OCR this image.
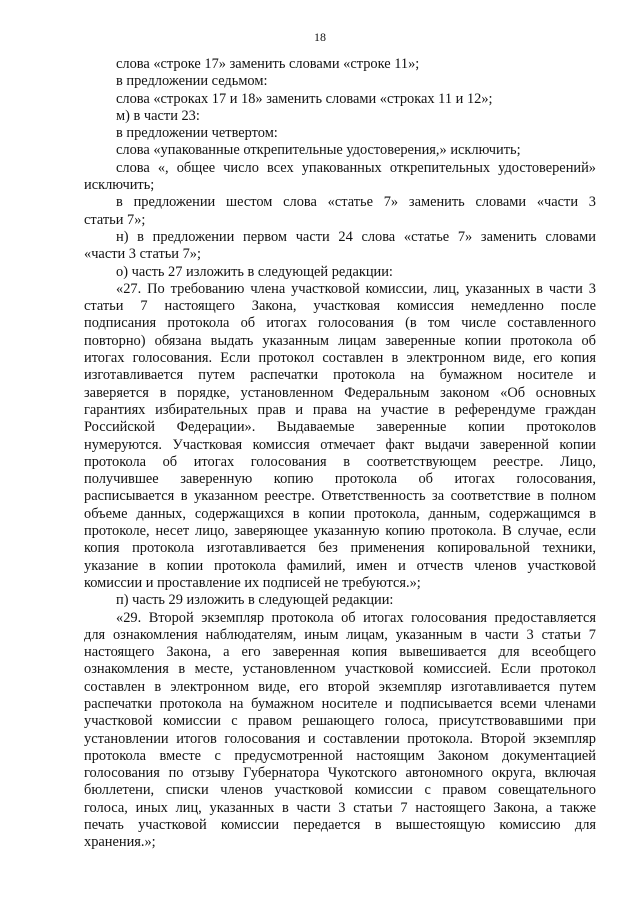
18
слова «строке 17» заменить словами «строке 11»;
в предложении седьмом:
слова «строках 17 и 18» заменить словами «строках 11 и 12»;
м) в части 23:
в предложении четвертом:
слова «упакованные открепительные удостоверения,» исключить;
слова «, общее число всех упакованных открепительных удостоверений»
исключить;
в предложении шестом слова «статье 7» заменить словами «части 3
статьи 7»;
н) в предложении первом части 24 слова «статье 7» заменить словами
«части 3 статьи 7»;
о) часть 27 изложить в следующей редакции:
«27. По требованию члена участковой комиссии, лиц, указанных в части 3
статьи 7 настоящего Закона, участковая комиссия немедленно после
подписания протокола об итогах голосования (в том числе составленного
повторно) обязана выдать указанным лицам заверенные копии протокола об
итогах голосования. Если протокол составлен в электронном виде, его копия
изготавливается путем распечатки протокола на бумажном носителе и
заверяется в порядке, установленном Федеральным законом «Об основных
гарантиях избирательных прав и права на участие в референдуме граждан
Российской Федерации». Выдаваемые заверенные копии протоколов
нумеруются. Участковая комиссия отмечает факт выдачи заверенной копии
протокола об итогах голосования в соответствующем реестре. Лицо,
получившее заверенную копию протокола об итогах голосования,
расписывается в указанном реестре. Ответственность за соответствие в полном
объеме данных, содержащихся в копии протокола, данным, содержащимся в
протоколе, несет лицо, заверяющее указанную копию протокола. В случае, если
копия протокола изготавливается без применения копировальной техники,
указание в копии протокола фамилий, имен и отчеств членов участковой
комиссии и проставление их подписей не требуются.»;
п) часть 29 изложить в следующей редакции:
«29. Второй экземпляр протокола об итогах голосования предоставляется
для ознакомления наблюдателям, иным лицам, указанным в части 3 статьи 7
настоящего Закона, а его заверенная копия вывешивается для всеобщего
ознакомления в месте, установленном участковой комиссией. Если протокол
составлен в электронном виде, его второй экземпляр изготавливается путем
распечатки протокола на бумажном носителе и подписывается всеми членами
участковой комиссии с правом решающего голоса, присутствовавшими при
установлении итогов голосования и составлении протокола. Второй экземпляр
протокола вместе с предусмотренной настоящим Законом документацией
голосования по отзыву Губернатора Чукотского автономного округа, включая
бюллетени, списки членов участковой комиссии с правом совещательного
голоса, иных лиц, указанных в части 3 статьи 7 настоящего Закона, а также
печать участковой комиссии передается в вышестоящую комиссию для
хранения.»;
